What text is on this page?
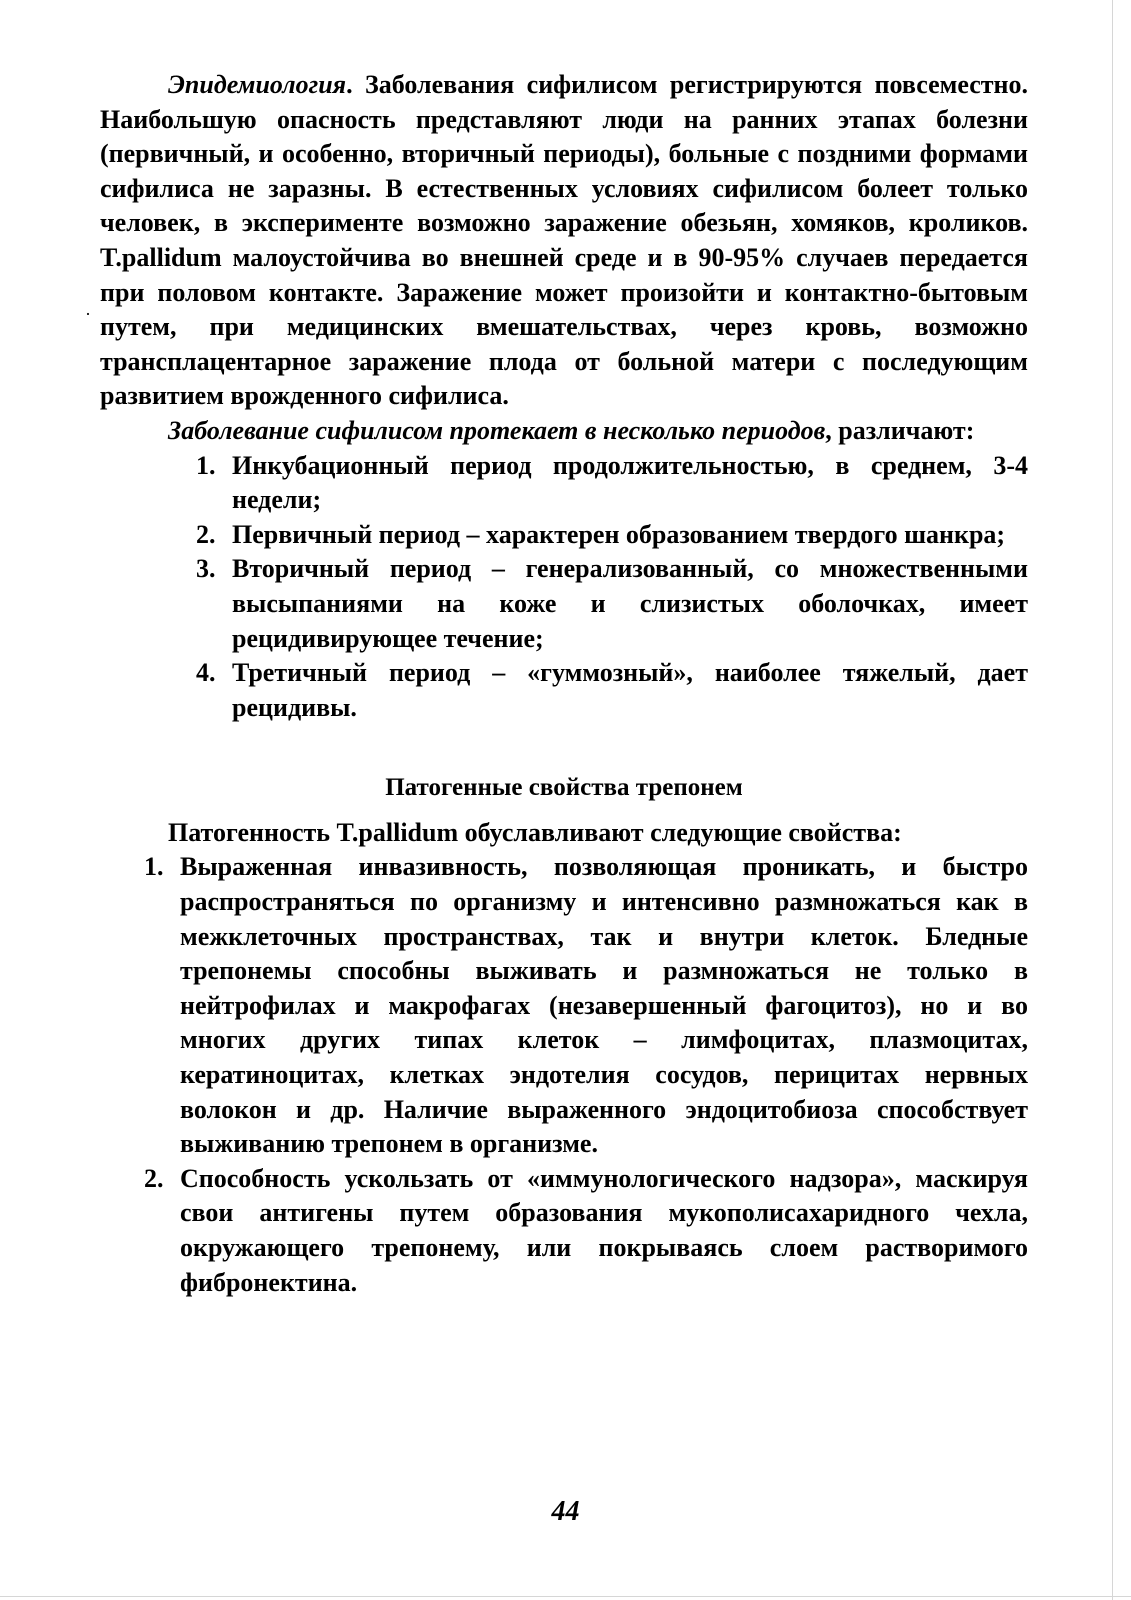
·

Эпидемиология. Заболевания сифилисом регистрируются повсеместно. Наибольшую опасность представляют люди на ранних этапах болезни (первичный, и особенно, вторичный периоды), больные с поздними формами сифилиса не заразны. В естественных условиях сифилисом болеет только человек, в эксперименте возможно заражение обезьян, хомяков, кроликов. T.pallidum малоустойчива во внешней среде и в 90-95% случаев передается при половом контакте. Заражение может произойти и контактно-бытовым путем, при медицинских вмешательствах, через кровь, возможно трансплацентарное заражение плода от больной матери с последующим развитием врожденного сифилиса.

Заболевание сифилисом протекает в несколько периодов, различают:

1. Инкубационный период продолжительностью, в среднем, 3-4 недели;
2. Первичный период – характерен образованием твердого шанкра;
3. Вторичный период – генерализованный, со множественными высыпаниями на коже и слизистых оболочках, имеет рецидивирующее течение;
4. Третичный период – «гуммозный», наиболее тяжелый, дает рецидивы.
Патогенные свойства трепонем

Патогенность T.pallidum обуславливают следующие свойства:

1. Выраженная инвазивность, позволяющая проникать, и быстро распространяться по организму и интенсивно размножаться как в межклеточных пространствах, так и внутри клеток. Бледные трепонемы способны выживать и размножаться не только в нейтрофилах и макрофагах (незавершенный фагоцитоз), но и во многих других типах клеток – лимфоцитах, плазмоцитах, кератиноцитах, клетках эндотелия сосудов, перицитах нервных волокон и др. Наличие выраженного эндоцитобиоза способствует выживанию трепонем в организме.
2. Способность ускользать от «иммунологического надзора», маскируя свои антигены путем образования мукополисахаридного чехла, окружающего трепонему, или покрываясь слоем растворимого фибронектина.
44
